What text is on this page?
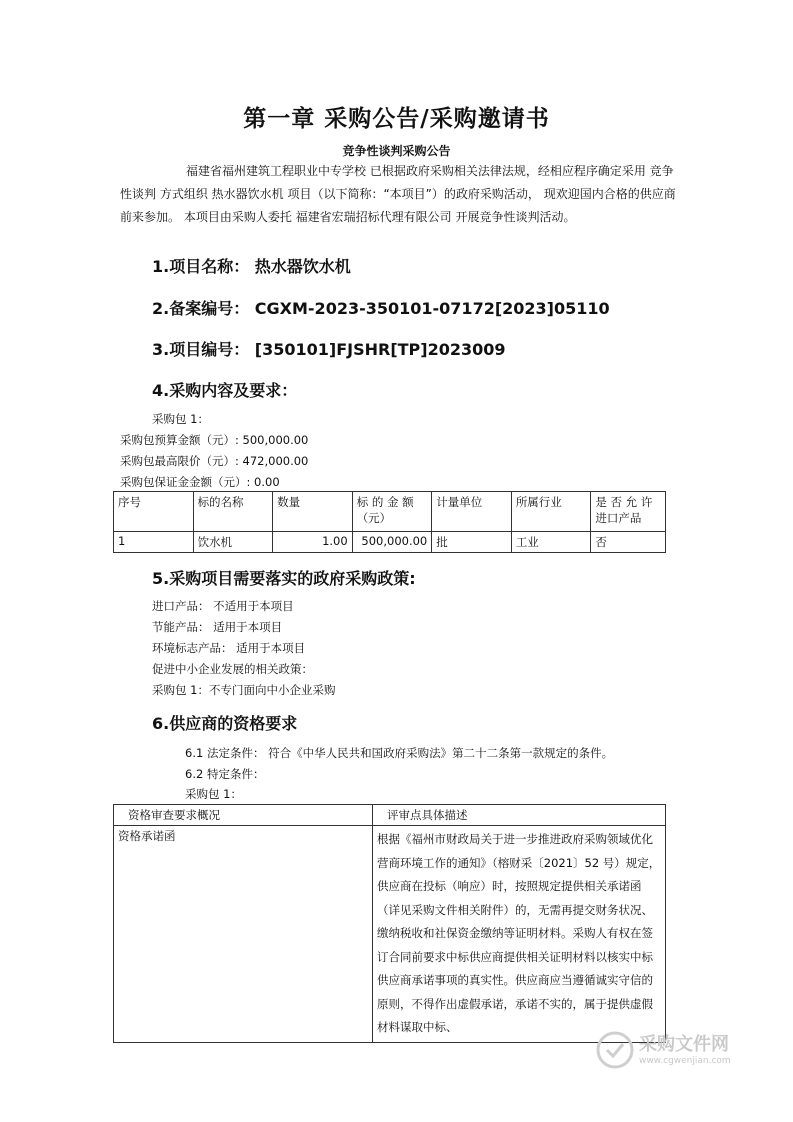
第一章 采购公告/采购邀请书
竞争性谈判采购公告
福建省福州建筑工程职业中专学校 已根据政府采购相关法律法规，经相应程序确定采用 竞争性谈判 方式组织 热水器饮水机 项目（以下简称：“本项目”）的政府采购活动， 现欢迎国内合格的供应商前来参加。 本项目由采购人委托 福建省宏瑞招标代理有限公司 开展竞争性谈判活动。
1.项目名称： 热水器饮水机
2.备案编号： CGXM-2023-350101-07172[2023]05110
3.项目编号： [350101]FJSHR[TP]2023009
4.采购内容及要求：
采购包 1：
采购包预算金额（元）: 500,000.00
采购包最高限价（元）: 472,000.00
采购包保证金金额（元）: 0.00
序号	标的名称	数量	标 的 金 额（元）	计量单位	所属行业	是 否 允 许进口产品
1	饮水机	1.00	500,000.00	批	工业	否
5.采购项目需要落实的政府采购政策:
进口产品： 不适用于本项目
节能产品： 适用于本项目
环境标志产品： 适用于本项目
促进中小企业发展的相关政策：
采购包 1：不专门面向中小企业采购
6.供应商的资格要求
6.1 法定条件： 符合《中华人民共和国政府采购法》第二十二条第一款规定的条件。
6.2 特定条件：
采购包 1：
资格审查要求概况	评审点具体描述
资格承诺函	根据《福州市财政局关于进一步推进政府采购领域优化营商环境工作的通知》（榕财采〔2021〕52 号）规定，供应商在投标（响应）时，按照规定提供相关承诺函（详见采购文件相关附件）的，无需再提交财务状况、缴纳税收和社保资金缴纳等证明材料。采购人有权在签订合同前要求中标供应商提供相关证明材料以核实中标供应商承诺事项的真实性。供应商应当遵循诚实守信的原则，不得作出虚假承诺，承诺不实的，属于提供虚假材料谋取中标、
采购文件网
www.cgwenjian.com
